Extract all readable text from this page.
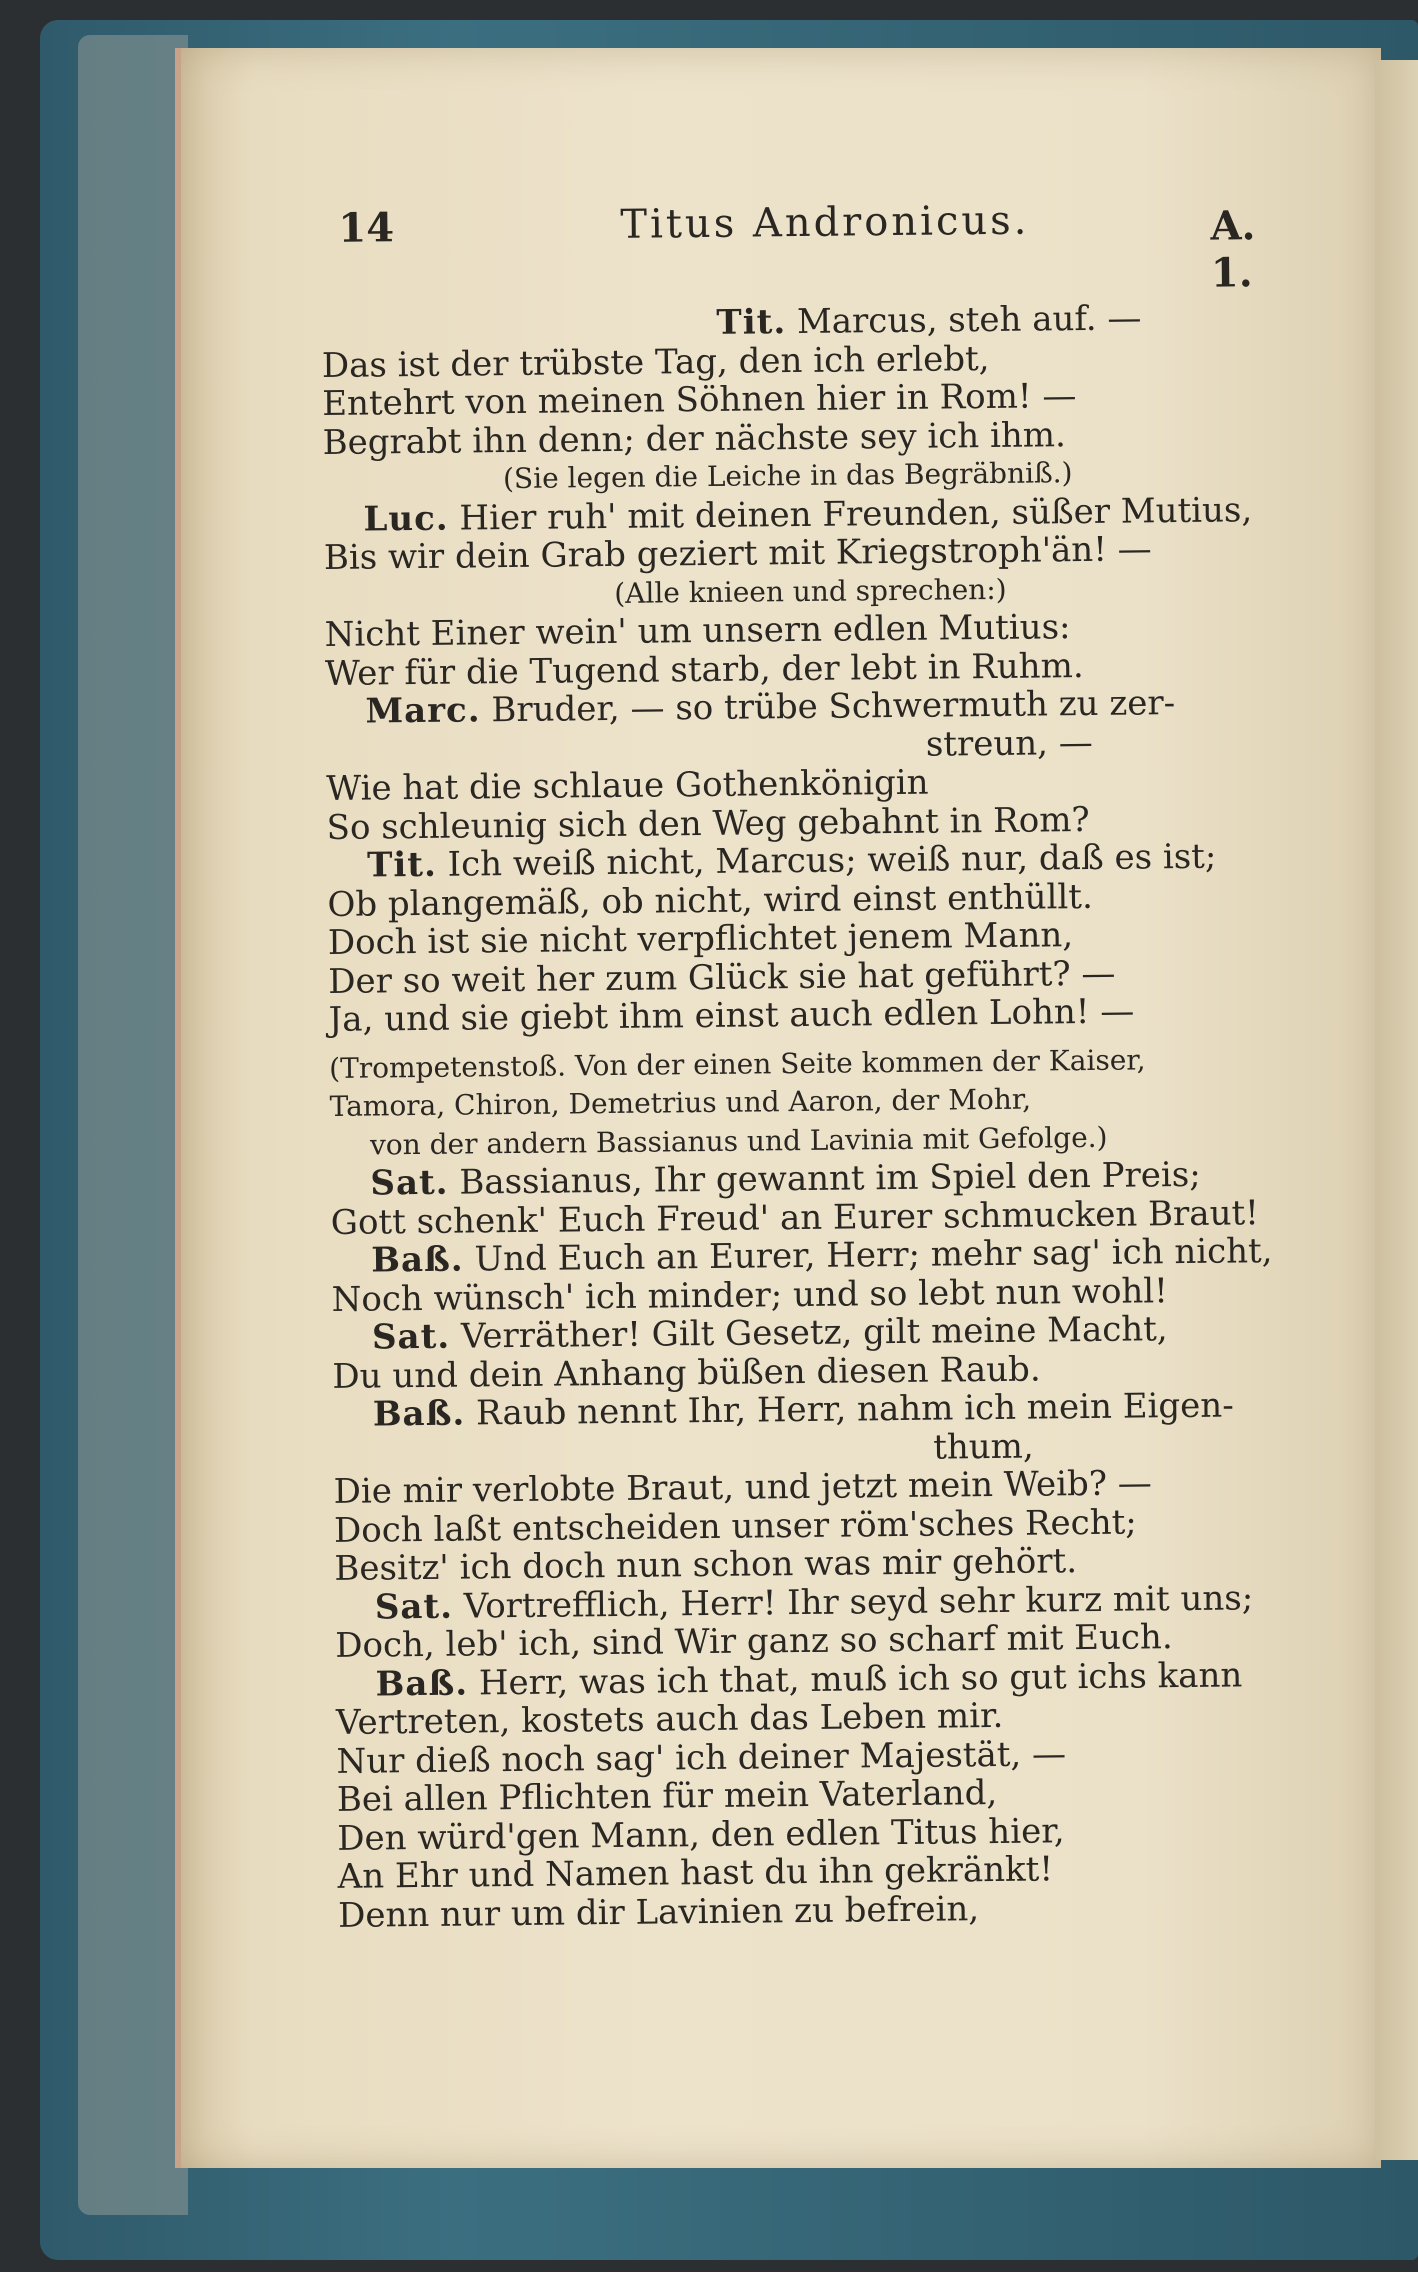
14	Titus Andronicus.	A. 1.
Tit. Marcus, steh auf. —
Das ist der trübste Tag, den ich erlebt,
Entehrt von meinen Söhnen hier in Rom! —
Begrabt ihn denn; der nächste sey ich ihm.
(Sie legen die Leiche in das Begräbniß.)
Luc. Hier ruh' mit deinen Freunden, süßer Mutius,
Bis wir dein Grab geziert mit Kriegstroph'än! —
(Alle knieen und sprechen:)
Nicht Einer wein' um unsern edlen Mutius:
Wer für die Tugend starb, der lebt in Ruhm.
Marc. Bruder, — so trübe Schwermuth zu zer-
streun, —
Wie hat die schlaue Gothenkönigin
So schleunig sich den Weg gebahnt in Rom?
Tit. Ich weiß nicht, Marcus; weiß nur, daß es ist;
Ob plangemäß, ob nicht, wird einst enthüllt.
Doch ist sie nicht verpflichtet jenem Mann,
Der so weit her zum Glück sie hat geführt? —
Ja, und sie giebt ihm einst auch edlen Lohn! —
(Trompetenstoß. Von der einen Seite kommen der Kaiser,
Tamora, Chiron, Demetrius und Aaron, der Mohr,
von der andern Bassianus und Lavinia mit Gefolge.)
Sat. Bassianus, Ihr gewannt im Spiel den Preis;
Gott schenk' Euch Freud' an Eurer schmucken Braut!
Baß. Und Euch an Eurer, Herr; mehr sag' ich nicht,
Noch wünsch' ich minder; und so lebt nun wohl!
Sat. Verräther! Gilt Gesetz, gilt meine Macht,
Du und dein Anhang büßen diesen Raub.
Baß. Raub nennt Ihr, Herr, nahm ich mein Eigen-
thum,
Die mir verlobte Braut, und jetzt mein Weib? —
Doch laßt entscheiden unser röm'sches Recht;
Besitz' ich doch nun schon was mir gehört.
Sat. Vortrefflich, Herr! Ihr seyd sehr kurz mit uns;
Doch, leb' ich, sind Wir ganz so scharf mit Euch.
Baß. Herr, was ich that, muß ich so gut ichs kann
Vertreten, kostets auch das Leben mir.
Nur dieß noch sag' ich deiner Majestät, —
Bei allen Pflichten für mein Vaterland,
Den würd'gen Mann, den edlen Titus hier,
An Ehr und Namen hast du ihn gekränkt!
Denn nur um dir Lavinien zu befrein,
